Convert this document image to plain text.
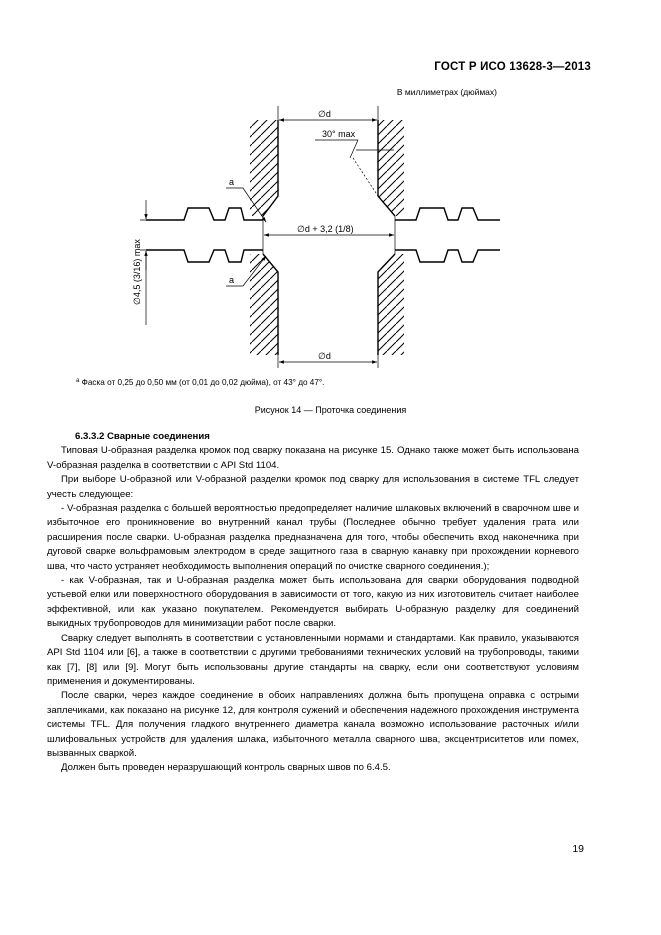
ГОСТ Р ИСО 13628-3—2013
В миллиметрах (дюймах)
∅d
30° max
∅d + 3,2 (1/8)
∅4,5 (3/16) max
∅d
a
a
$^a$ Фаска от 0,25 до 0,50 мм (от 0,01 до 0,02 дюйма), от 43° до 47°.
Рисунок 14 — Проточка соединения

6.3.3.2 Сварные соединения

Типовая U-образная разделка кромок под сварку показана на рисунке 15. Однако также может быть использована V-образная разделка в соответствии с API Std 1104.

При выборе U-образной или V-образной разделки кромок под сварку для использования в системе TFL следует учесть следующее:

- V-образная разделка с большей вероятностью предопределяет наличие шлаковых включений в сварочном шве и избыточное его проникновение во внутренний канал трубы (Последнее обычно требует удаления грата или расширения после сварки. U-образная разделка предназначена для того, чтобы обеспечить вход наконечника при дуговой сварке вольфрамовым электродом в среде защитного газа в сварную канавку при прохождении корневого шва, что часто устраняет необходимость выполнения операций по очистке сварного соединения.);

- как V-образная, так и U-образная разделка может быть использована для сварки оборудования подводной устьевой елки или поверхностного оборудования в зависимости от того, какую из них изготовитель считает наиболее эффективной, или как указано покупателем. Рекомендуется выбирать U-образную разделку для соединений выкидных трубопроводов для минимизации работ после сварки.

Сварку следует выполнять в соответствии с установленными нормами и стандартами. Как правило, указываются API Std 1104 или [6], а также в соответствии с другими требованиями технических условий на трубопроводы, такими как [7], [8] или [9]. Могут быть использованы другие стандарты на сварку, если они соответствуют условиям применения и документированы.

После сварки, через каждое соединение в обоих направлениях должна быть пропущена оправка с острыми заплечиками, как показано на рисунке 12, для контроля сужений и обеспечения надежного прохождения инструмента системы TFL. Для получения гладкого внутреннего диаметра канала возможно использование расточных и/или шлифовальных устройств для удаления шлака, избыточного металла сварного шва, эксцентриситетов или помех, вызванных сваркой.

Должен быть проведен неразрушающий контроль сварных швов по 6.4.5.

19
